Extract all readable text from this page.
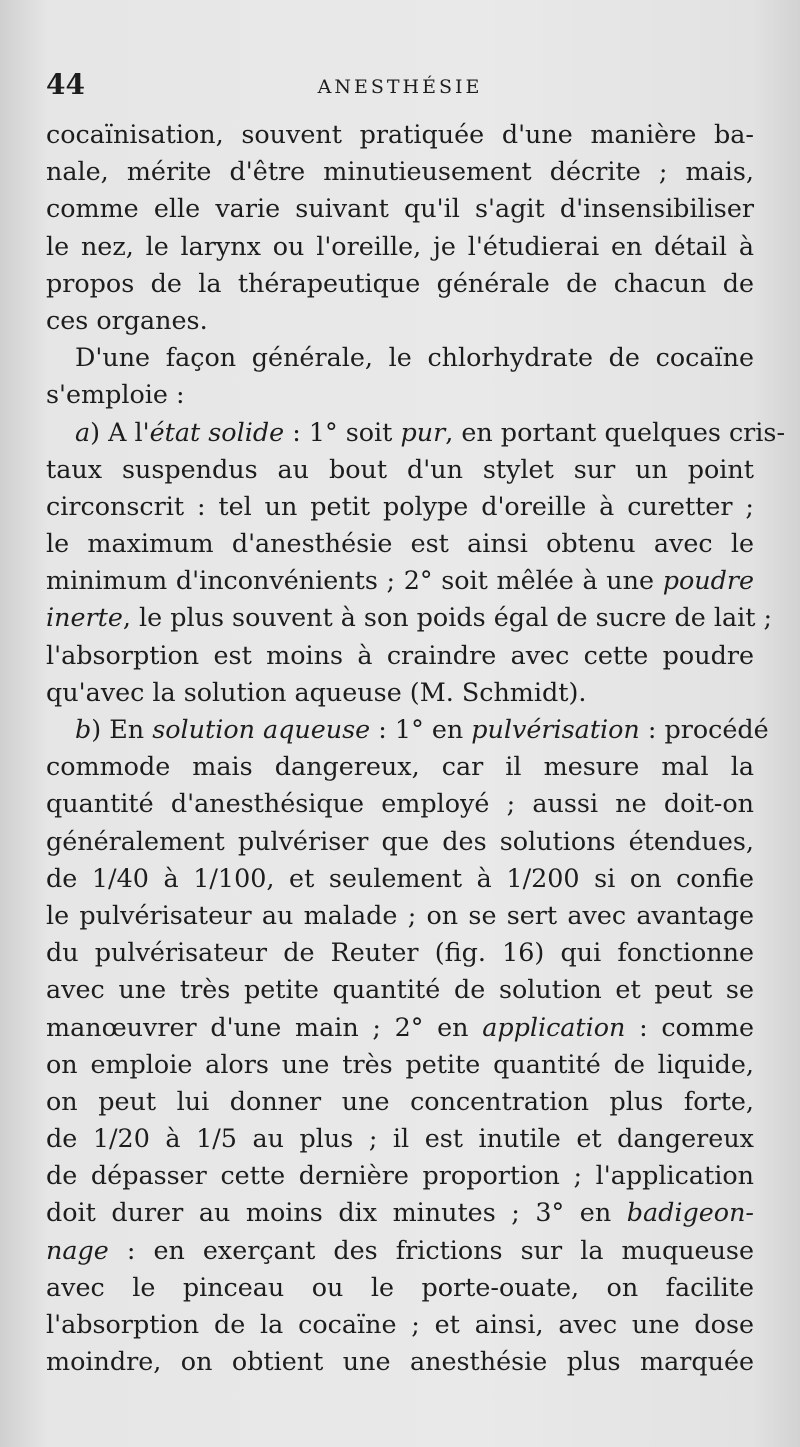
44	ANESTHÉSIE
cocaïnisation, souvent pratiquée d'une manière ba-
nale, mérite d'être minutieusement décrite ; mais,
comme elle varie suivant qu'il s'agit d'insensibiliser
le nez, le larynx ou l'oreille, je l'étudierai en détail à
propos de la thérapeutique générale de chacun de
ces organes.
D'une façon générale, le chlorhydrate de cocaïne
s'emploie :
a) A l'état solide : 1° soit pur, en portant quelques cris-
taux suspendus au bout d'un stylet sur un point
circonscrit : tel un petit polype d'oreille à curetter ;
le maximum d'anesthésie est ainsi obtenu avec le
minimum d'inconvénients ; 2° soit mêlée à une poudre
inerte, le plus souvent à son poids égal de sucre de lait ;
l'absorption est moins à craindre avec cette poudre
qu'avec la solution aqueuse (M. Schmidt).
b) En solution aqueuse : 1° en pulvérisation : procédé
commode mais dangereux, car il mesure mal la
quantité d'anesthésique employé ; aussi ne doit-on
généralement pulvériser que des solutions étendues,
de 1/40 à 1/100, et seulement à 1/200 si on confie
le pulvérisateur au malade ; on se sert avec avantage
du pulvérisateur de Reuter (fig. 16) qui fonctionne
avec une très petite quantité de solution et peut se
manœuvrer d'une main ; 2° en application : comme
on emploie alors une très petite quantité de liquide,
on peut lui donner une concentration plus forte,
de 1/20 à 1/5 au plus ; il est inutile et dangereux
de dépasser cette dernière proportion ; l'application
doit durer au moins dix minutes ; 3° en badigeon-
nage : en exerçant des frictions sur la muqueuse
avec le pinceau ou le porte-ouate, on facilite
l'absorption de la cocaïne ; et ainsi, avec une dose
moindre, on obtient une anesthésie plus marquée
